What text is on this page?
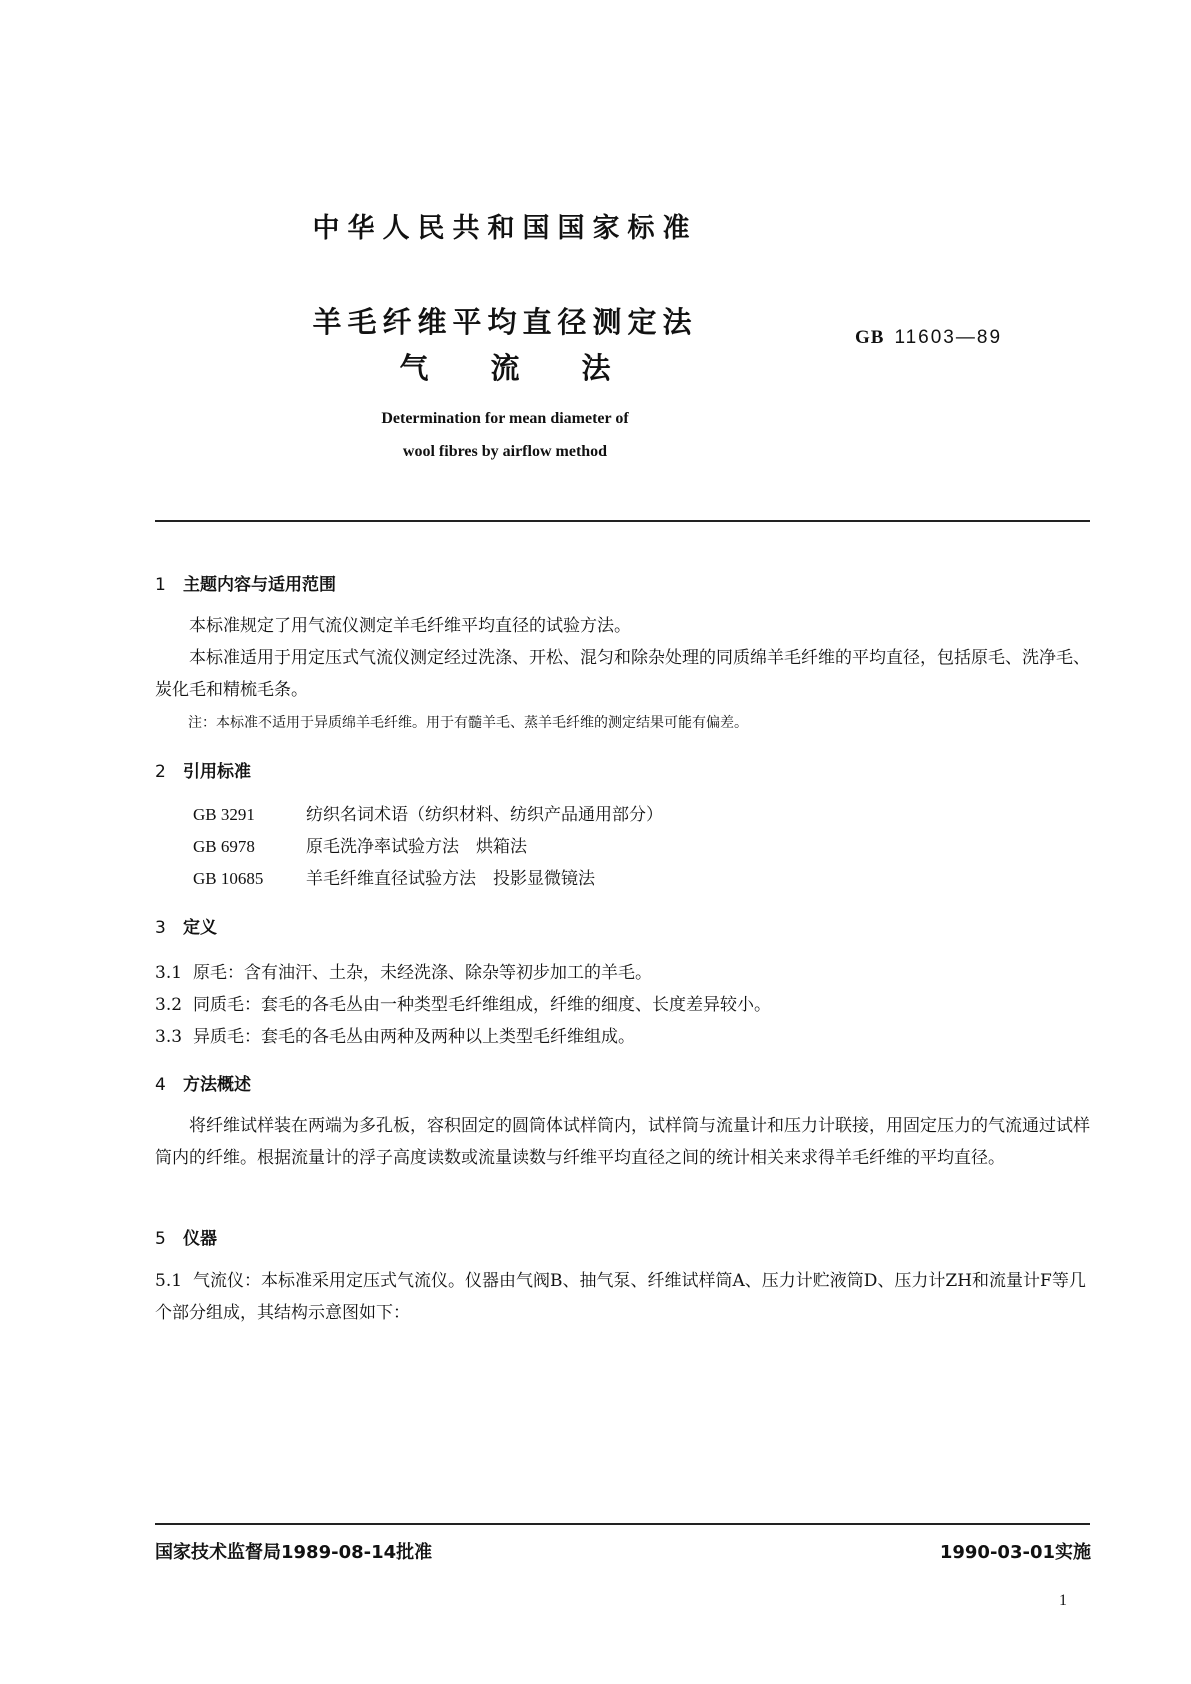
中华人民共和国国家标准
羊毛纤维平均直径测定法
气流法
GB 11603—89
Determination for mean diameter of
wool fibres by airflow method
1 主题内容与适用范围
本标准规定了用气流仪测定羊毛纤维平均直径的试验方法。
本标准适用于用定压式气流仪测定经过洗涤、开松、混匀和除杂处理的同质绵羊毛纤维的平均直径，包括原毛、洗净毛、炭化毛和精梳毛条。
注：本标准不适用于异质绵羊毛纤维。用于有髓羊毛、蒸羊毛纤维的测定结果可能有偏差。
2 引用标准
GB 3291	纺织名词术语（纺织材料、纺织产品通用部分）
GB 6978	原毛洗净率试验方法　烘箱法
GB 10685	羊毛纤维直径试验方法　投影显微镜法
3 定义
3.1 原毛：含有油汗、土杂，未经洗涤、除杂等初步加工的羊毛。
3.2 同质毛：套毛的各毛丛由一种类型毛纤维组成，纤维的细度、长度差异较小。
3.3 异质毛：套毛的各毛丛由两种及两种以上类型毛纤维组成。
4 方法概述
将纤维试样装在两端为多孔板，容积固定的圆筒体试样筒内，试样筒与流量计和压力计联接，用固定压力的气流通过试样筒内的纤维。根据流量计的浮子高度读数或流量读数与纤维平均直径之间的统计相关来求得羊毛纤维的平均直径。
5 仪器
5.1 气流仪：本标准采用定压式气流仪。仪器由气阀B、抽气泵、纤维试样筒A、压力计贮液筒D、压力计ZH和流量计F等几个部分组成，其结构示意图如下：
国家技术监督局1989-08-14批准	1990-03-01实施
1
